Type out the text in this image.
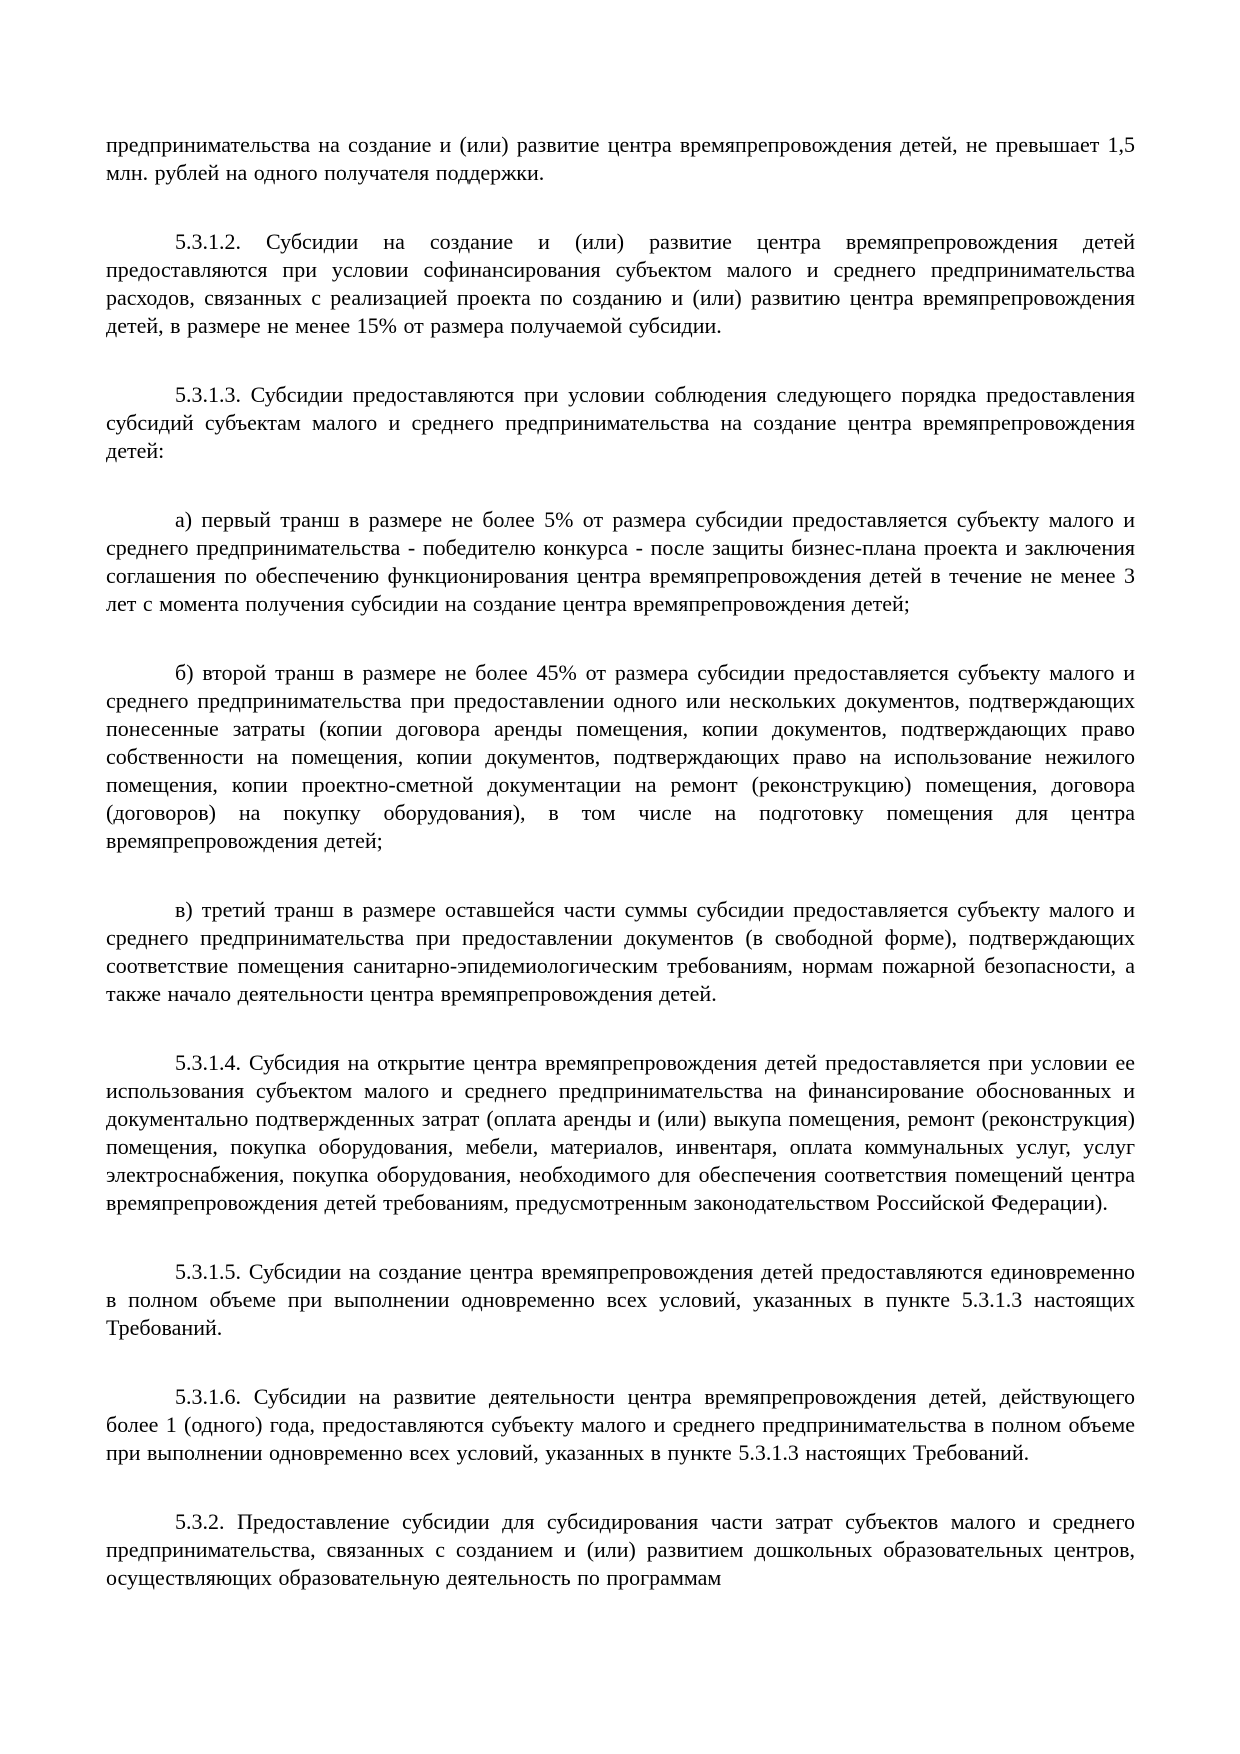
предпринимательства на создание и (или) развитие центра времяпрепровождения детей, не превышает 1,5 млн. рублей на одного получателя поддержки.

5.3.1.2. Субсидии на создание и (или) развитие центра времяпрепровождения детей предоставляются при условии софинансирования субъектом малого и среднего предпринимательства расходов, связанных с реализацией проекта по созданию и (или) развитию центра времяпрепровождения детей, в размере не менее 15% от размера получаемой субсидии.

5.3.1.3. Субсидии предоставляются при условии соблюдения следующего порядка предоставления субсидий субъектам малого и среднего предпринимательства на создание центра времяпрепровождения детей:

а) первый транш в размере не более 5% от размера субсидии предоставляется субъекту малого и среднего предпринимательства - победителю конкурса - после защиты бизнес-плана проекта и заключения соглашения по обеспечению функционирования центра времяпрепровождения детей в течение не менее 3 лет с момента получения субсидии на создание центра времяпрепровождения детей;

б) второй транш в размере не более 45% от размера субсидии предоставляется субъекту малого и среднего предпринимательства при предоставлении одного или нескольких документов, подтверждающих понесенные затраты (копии договора аренды помещения, копии документов, подтверждающих право собственности на помещения, копии документов, подтверждающих право на использование нежилого помещения, копии проектно-сметной документации на ремонт (реконструкцию) помещения, договора (договоров) на покупку оборудования), в том числе на подготовку помещения для центра времяпрепровождения детей;

в) третий транш в размере оставшейся части суммы субсидии предоставляется субъекту малого и среднего предпринимательства при предоставлении документов (в свободной форме), подтверждающих соответствие помещения санитарно-эпидемиологическим требованиям, нормам пожарной безопасности, а также начало деятельности центра времяпрепровождения детей.

5.3.1.4. Субсидия на открытие центра времяпрепровождения детей предоставляется при условии ее использования субъектом малого и среднего предпринимательства на финансирование обоснованных и документально подтвержденных затрат (оплата аренды и (или) выкупа помещения, ремонт (реконструкция) помещения, покупка оборудования, мебели, материалов, инвентаря, оплата коммунальных услуг, услуг электроснабжения, покупка оборудования, необходимого для обеспечения соответствия помещений центра времяпрепровождения детей требованиям, предусмотренным законодательством Российской Федерации).

5.3.1.5. Субсидии на создание центра времяпрепровождения детей предоставляются единовременно в полном объеме при выполнении одновременно всех условий, указанных в пункте 5.3.1.3 настоящих Требований.

5.3.1.6. Субсидии на развитие деятельности центра времяпрепровождения детей, действующего более 1 (одного) года, предоставляются субъекту малого и среднего предпринимательства в полном объеме при выполнении одновременно всех условий, указанных в пункте 5.3.1.3 настоящих Требований.

5.3.2. Предоставление субсидии для субсидирования части затрат субъектов малого и среднего предпринимательства, связанных с созданием и (или) развитием дошкольных образовательных центров, осуществляющих образовательную деятельность по программам
